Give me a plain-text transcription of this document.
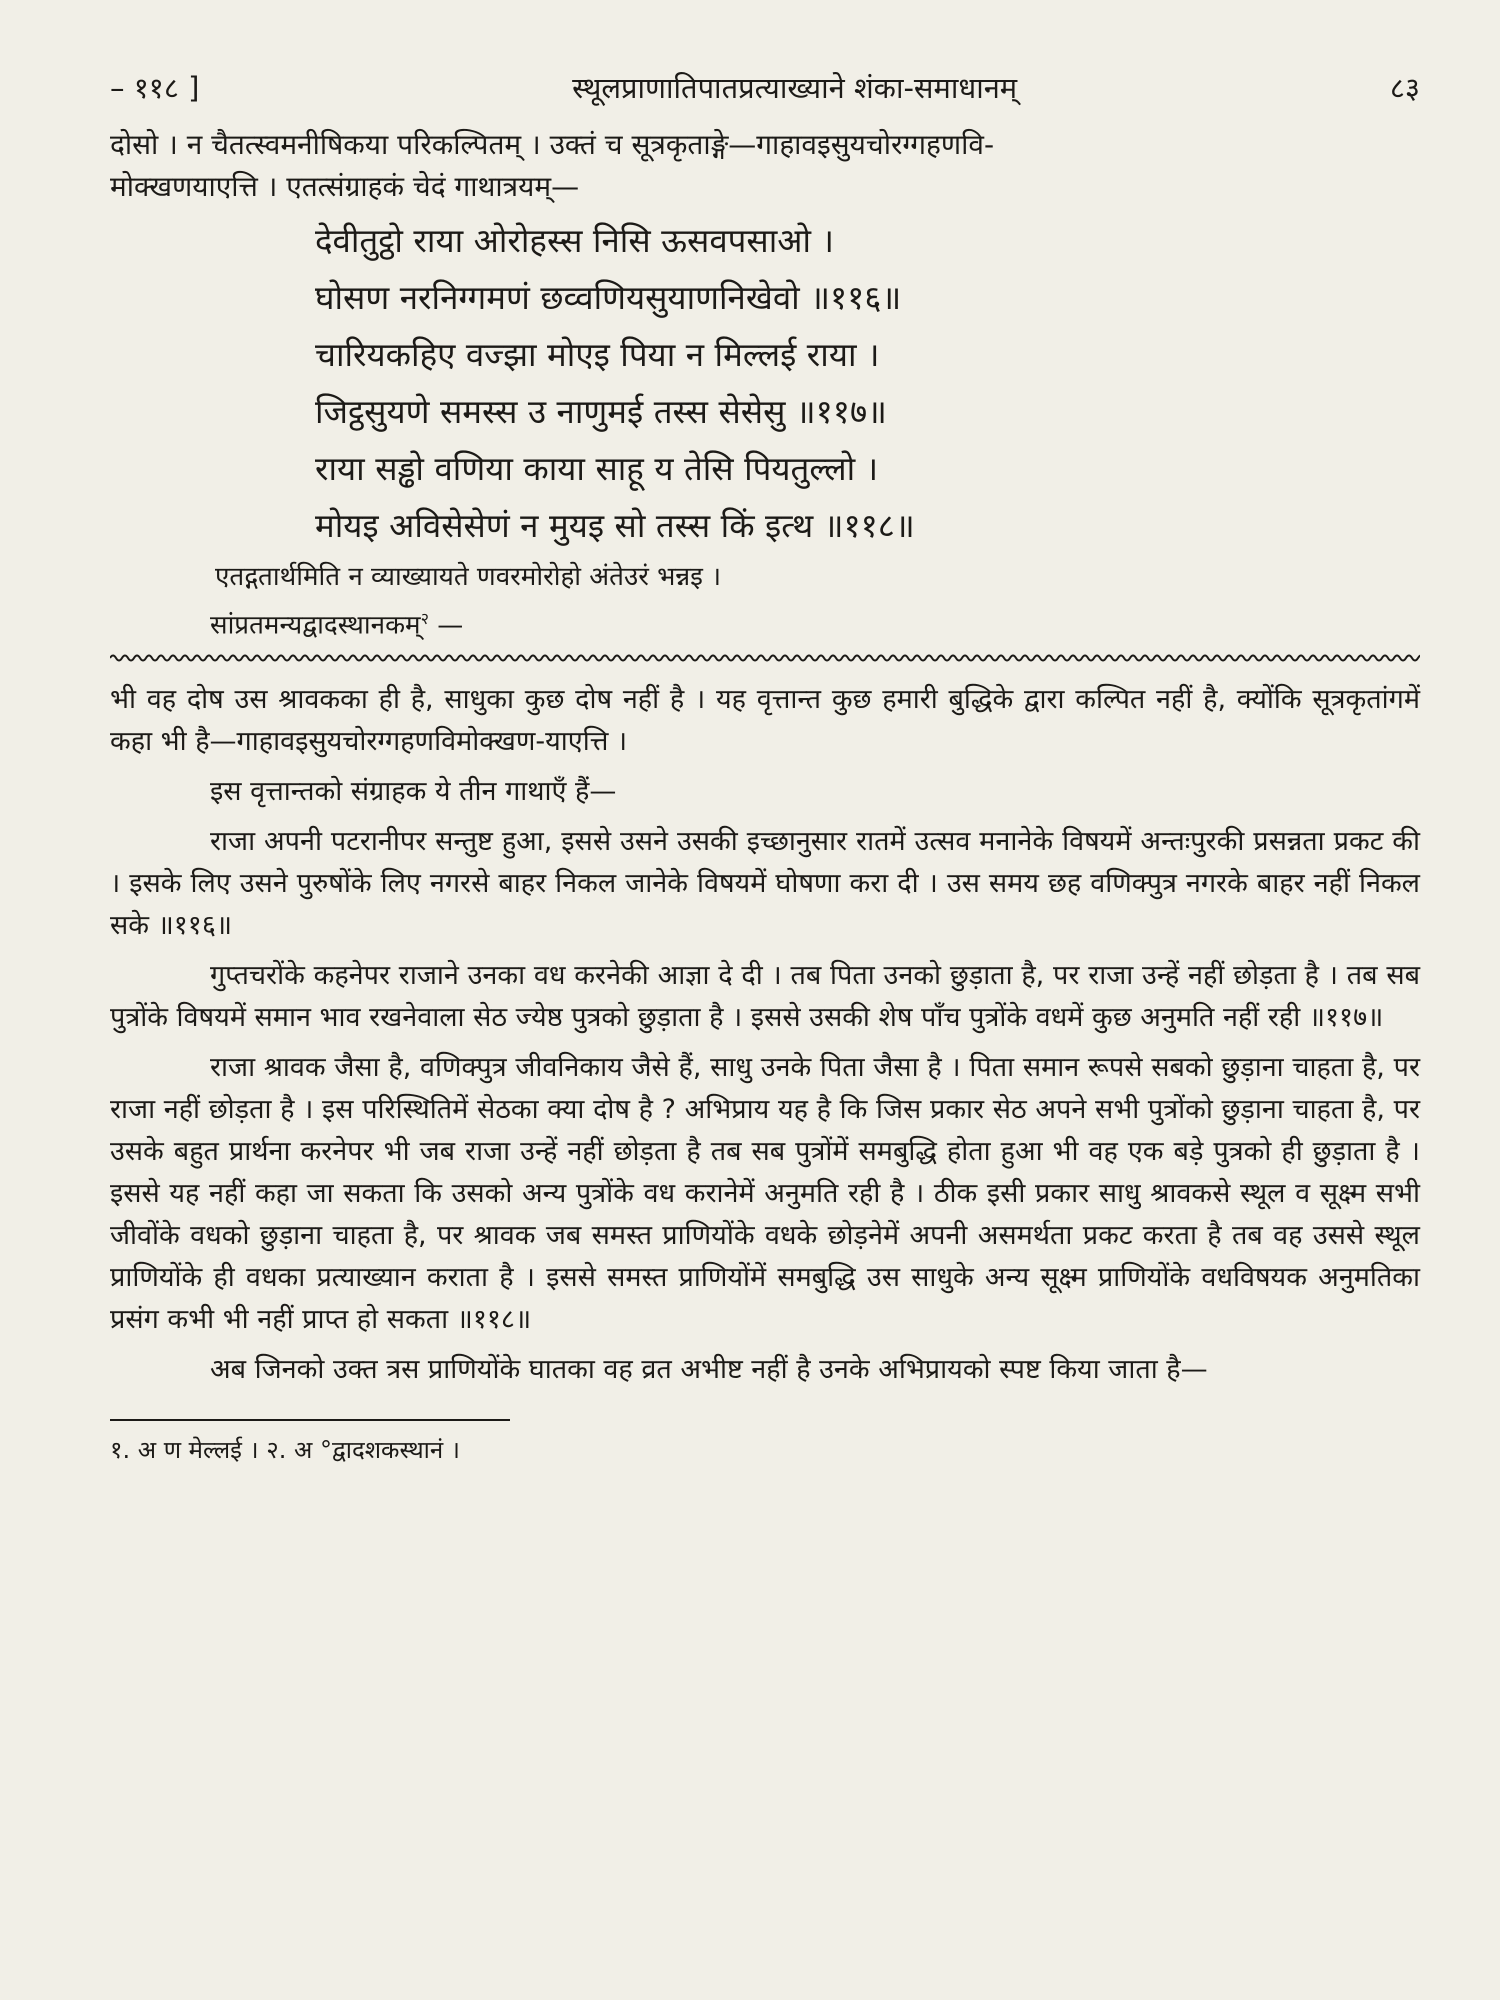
– ११८ ]	स्थूलप्राणातिपातप्रत्याख्याने शंका-समाधानम्	८३

दोसो । न चैतत्स्वमनीषिकया परिकल्पितम् । उक्तं च सूत्रकृताङ्गे—गाहावइसुयचोरग्गहणवि-

मोक्खणयाएत्ति । एतत्संग्राहकं चेदं गाथात्रयम्—

देवीतुट्ठो राया ओरोहस्स निसि ऊसवपसाओ ।

घोसण नरनिग्गमणं छव्वणियसुयाणनिखेवो ॥११६॥

चारियकहिए वज्झा मोएइ पिया न मिल्लई राया ।

जिट्ठसुयणे समस्स उ नाणुमई तस्स सेसेसु ॥११७॥

राया सड्ढो वणिया काया साहू य तेसि पियतुल्लो ।

मोयइ अविसेसेणं न मुयइ सो तस्स किं इत्थ ॥११८॥

एतद्गतार्थमिति न व्याख्यायते णवरमोरोहो अंतेउरं भन्नइ ।
सांप्रतमन्यद्वादस्थानकम्$^२$ —

भी वह दोष उस श्रावकका ही है, साधुका कुछ दोष नहीं है । यह वृत्तान्त कुछ हमारी बुद्धिके द्वारा कल्पित नहीं है, क्योंकि सूत्रकृतांगमें कहा भी है—गाहावइसुयचोरग्गहणविमोक्खण-याएत्ति ।

इस वृत्तान्तको संग्राहक ये तीन गाथाएँ हैं—

राजा अपनी पटरानीपर सन्तुष्ट हुआ, इससे उसने उसकी इच्छानुसार रातमें उत्सव मनानेके विषयमें अन्तःपुरकी प्रसन्नता प्रकट की । इसके लिए उसने पुरुषोंके लिए नगरसे बाहर निकल जानेके विषयमें घोषणा करा दी । उस समय छह वणिक्पुत्र नगरके बाहर नहीं निकल सके ॥११६॥

गुप्तचरोंके कहनेपर राजाने उनका वध करनेकी आज्ञा दे दी । तब पिता उनको छुड़ाता है, पर राजा उन्हें नहीं छोड़ता है । तब सब पुत्रोंके विषयमें समान भाव रखनेवाला सेठ ज्येष्ठ पुत्रको छुड़ाता है । इससे उसकी शेष पाँच पुत्रोंके वधमें कुछ अनुमति नहीं रही ॥११७॥

राजा श्रावक जैसा है, वणिक्पुत्र जीवनिकाय जैसे हैं, साधु उनके पिता जैसा है । पिता समान रूपसे सबको छुड़ाना चाहता है, पर राजा नहीं छोड़ता है । इस परिस्थितिमें सेठका क्या दोष है ? अभिप्राय यह है कि जिस प्रकार सेठ अपने सभी पुत्रोंको छुड़ाना चाहता है, पर उसके बहुत प्रार्थना करनेपर भी जब राजा उन्हें नहीं छोड़ता है तब सब पुत्रोंमें समबुद्धि होता हुआ भी वह एक बड़े पुत्रको ही छुड़ाता है । इससे यह नहीं कहा जा सकता कि उसको अन्य पुत्रोंके वध करानेमें अनुमति रही है । ठीक इसी प्रकार साधु श्रावकसे स्थूल व सूक्ष्म सभी जीवोंके वधको छुड़ाना चाहता है, पर श्रावक जब समस्त प्राणियोंके वधके छोड़नेमें अपनी असमर्थता प्रकट करता है तब वह उससे स्थूल प्राणियोंके ही वधका प्रत्याख्यान कराता है । इससे समस्त प्राणियोंमें समबुद्धि उस साधुके अन्य सूक्ष्म प्राणियोंके वधविषयक अनुमतिका प्रसंग कभी भी नहीं प्राप्त हो सकता ॥११८॥

अब जिनको उक्त त्रस प्राणियोंके घातका वह व्रत अभीष्ट नहीं है उनके अभिप्रायको स्पष्ट किया जाता है—

१. अ ण मेल्लई । २. अ °द्वादशकस्थानं ।
